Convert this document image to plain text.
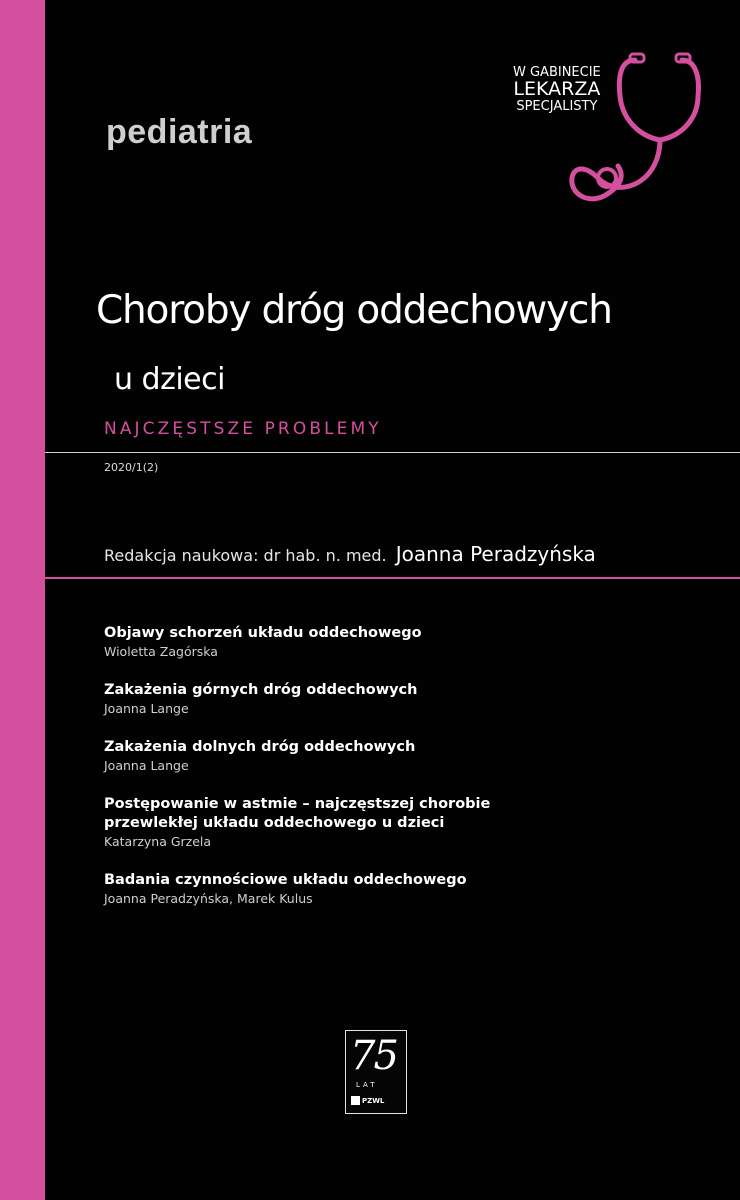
pediatria
W GABINECIE
LEKARZA
SPECJALISTY
Choroby dróg oddechowych
u dzieci
NAJCZĘSTSZE PROBLEMY
2020/1(2)
Redakcja naukowa: dr hab. n. med. Joanna Peradzyńska
Objawy schorzeń układu oddechowego
Wioletta Zagórska
Zakażenia górnych dróg oddechowych
Joanna Lange
Zakażenia dolnych dróg oddechowych
Joanna Lange
Postępowanie w astmie – najczęstszej chorobie przewlekłej układu oddechowego u dzieci
Katarzyna Grzela
Badania czynnościowe układu oddechowego
Joanna Peradzyńska, Marek Kulus
75
LAT
PZWL
